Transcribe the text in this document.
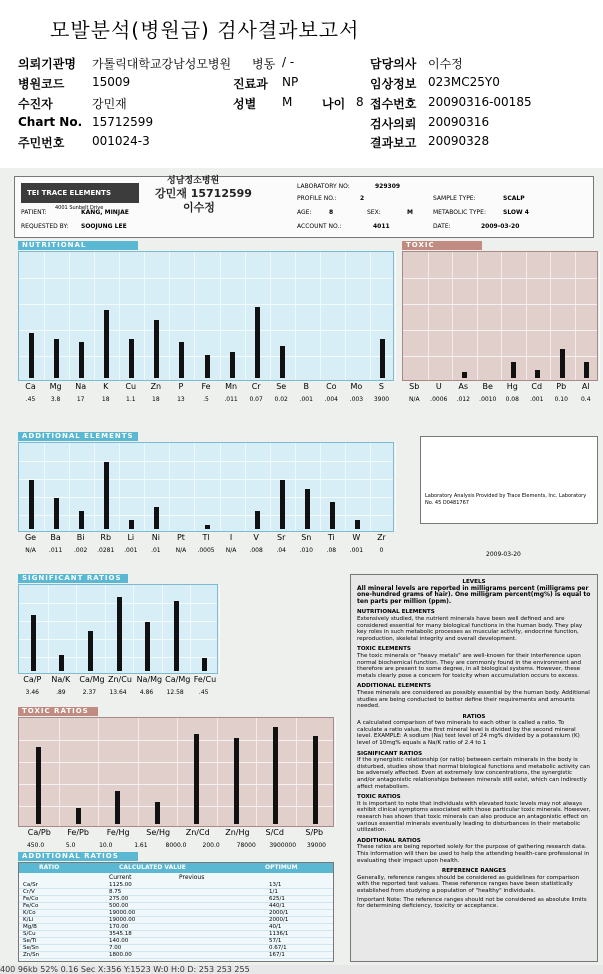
모발분석(병원급) 검사결과보고서
의뢰기관명 가톨릭대학교강남성모병원 병동 / -	담당의사 이수정
병원코드 15009	진료과 NP	임상정보 023MC25Y0
수진자	강민재	성별 M 나이 8 접수번호 20090316-00185
Chart No. 15712599	검사의뢰 20090316
주민번호 001024-3	결과보고 20090328
TEI TRACE ELEMENTS
4001 Sunbelt Drive
성남정소병원
강민재 15712599
이수정
LABORATORY NO:	929309
PROFILE NO.:	2	SAMPLE TYPE:	SCALP
PATIENT:	KANG, MINJAE	AGE:	8	SEX:	M	METABOLIC TYPE:	SLOW 4
REQUESTED BY: SOOJUNG LEE	ACCOUNT NO.:	4011	DATE:	2009-03-20
NUTRITIONAL
Ca	Mg	Na	K	Cu	Zn	P	Fe	Mn	Cr	Se	B	Co	Mo	S
.45	3.8	17	18	1.1	18	13	.5	.011	0.07	0.02	.001	.004	.003	3900
TOXIC
Sb	U	As	Be	Hg	Cd	Pb	Al
N/A	.0006	.012	.0010	0.08	.001	0.10	0.4
ADDITIONAL ELEMENTS
Ge	Ba	Bi	Rb	Li	Ni	Pt	Tl	I	V	Sr	Sn	Ti	W	Zr
N/A	.011	.002	.0281	.001	.01	N/A	.0005	N/A	.008	.04	.010	.08	.001	0
Laboratory Analysis Provided by Trace Elements, Inc. Laboratory No. 45 D0481767
2009-03-20
SIGNIFICANT RATIOS
Ca/P Na/K Ca/Mg Zn/Cu Na/Mg Ca/Mg Fe/Cu
3.46	.89	2.37	13.64	4.86	12.58	.45
TOXIC RATIOS
Ca/Pb Fe/Pb Fe/Hg Se/Hg Zn/Cd Zn/Hg S/Cd	S/Pb
450.0	5.0	10.0	1.61	8000.0	200.0	78000	3900000	39000
ADDITIONAL RATIOS
RATIO	CALCULATED VALUE	OPTIMUM
Current	Previous
Ca/Sr	1125.00	13/1
Cr/V	8.75	1/1
Fe/Co	275.00	625/1
Fe/Co	500.00	440/1
K/Co	19000.00	2000/1
K/Li	19000.00	2000/1
Mg/B	170.00	40/1
S/Cu	3545.18	1136/1
Se/Ti	140.00	57/1
Se/Sn	7.00	0.67/1
Zn/Sn	1800.00	167/1
LEVELS
All mineral levels are reported in milligrams percent (milligrams per one-hundred grams of hair). One milligram percent(mg%) is equal to ten parts per million (ppm).
NUTRITIONAL ELEMENTS
Extensively studied, the nutrient minerals have been well defined and are considered essential for many biological functions in the human body. They play key roles in such metabolic processes as muscular activity, endocrine function, reproduction, skeletal integrity and overall development.
TOXIC ELEMENTS
The toxic minerals or "heavy metals" are well-known for their interference upon normal biochemical function. They are commonly found in the environment and therefore are present to some degree, in all biological systems. However, these metals clearly pose a concern for toxicity when accumulation occurs to excess.
ADDITIONAL ELEMENTS
These minerals are considered as possibly essential by the human body. Additional studies are being conducted to better define their requirements and amounts needed.
RATIOS
A calculated comparison of two minerals to each other is called a ratio. To calculate a ratio value, the first mineral level is divided by the second mineral level. EXAMPLE: A sodium (Na) test level of 24 mg% divided by a potassium (K) level of 10mg% equals a Na/K ratio of 2.4 to 1
SIGNIFICANT RATIOS
If the synergistic relationship (or ratio) between certain minerals in the body is disturbed, studies show that normal biological functions and metabolic activity can be adversely affected. Even at extremely low concentrations, the synergistic and/or antagonistic relationships between minerals still exist, which can indirectly affect metabolism.
TOXIC RATIOS
It is important to note that individuals with elevated toxic levels may not always exhibit clinical symptoms associated with those particular toxic minerals. However, research has shown that toxic minerals can also produce an antagonistic effect on various essential minerals eventually leading to disturbances in their metabolic utilization.
ADDITIONAL RATIOS
These ratios are being reported solely for the purpose of gathering research data. This information will then be used to help the attending health-care professional in evaluating their impact upon health.
REFERENCE RANGES
Generally, reference ranges should be considered as guidelines for comparison with the reported test values. These reference ranges have been statistically established from studying a population of "healthy" individuals.
Important Note: The reference ranges should not be considered as absolute limits for determining deficiency, toxicity or acceptance.
400 96kb 52% 0.16 Sec X:356 Y:1523 W:0 H:0 D: 253 253 255
